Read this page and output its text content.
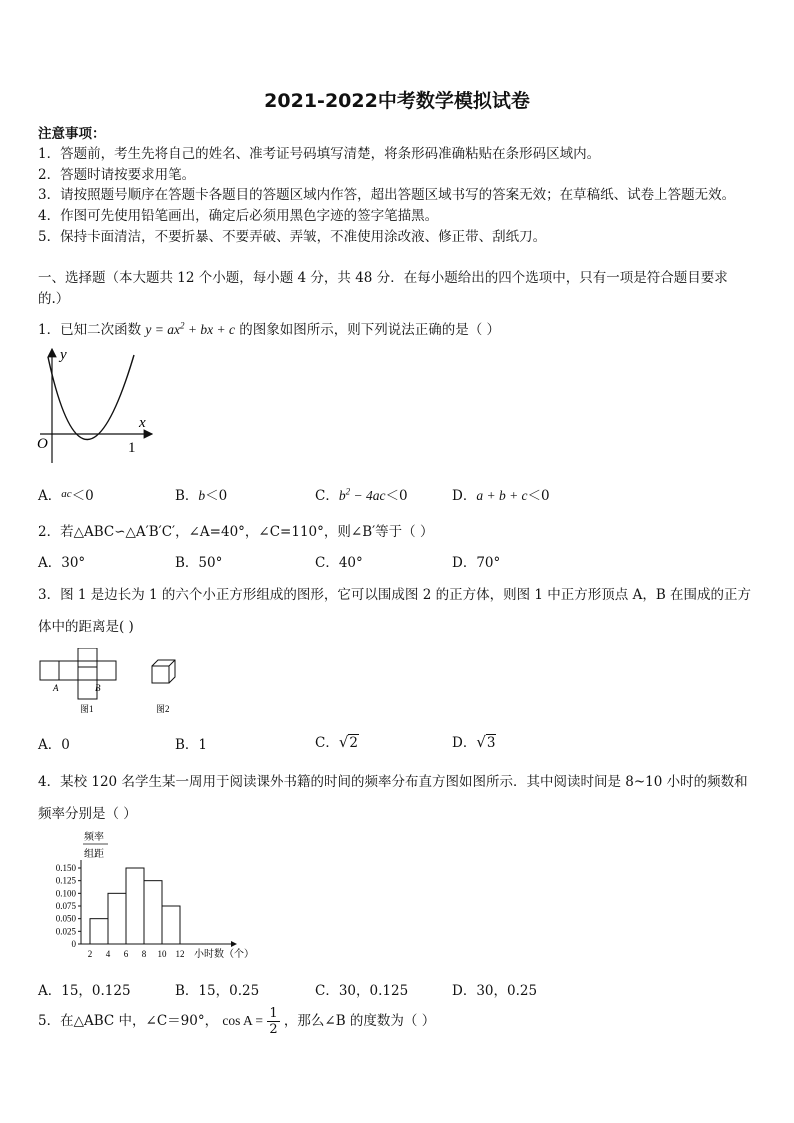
2021-2022中考数学模拟试卷
注意事项：
1．答题前，考生先将自己的姓名、准考证号码填写清楚，将条形码准确粘贴在条形码区域内。
2．答题时请按要求用笔。
3．请按照题号顺序在答题卡各题目的答题区域内作答，超出答题区域书写的答案无效；在草稿纸、试卷上答题无效。
4．作图可先使用铅笔画出，确定后必须用黑色字迹的签字笔描黑。
5．保持卡面清洁，不要折暴、不要弄破、弄皱，不准使用涂改液、修正带、刮纸刀。
一、选择题（本大题共 12 个小题，每小题 4 分，共 48 分．在每小题给出的四个选项中，只有一项是符合题目要求
的.）
1．已知二次函数 $y = ax^2$ + bx + c 的图象如图所示，则下列说法正确的是（ ）
y
x
O	1
A．$^{ac}$＜0	B．b＜0	C．$b^2 - 4ac<0$	D．a + b + c＜0
2．若△ABC∽△A′B′C′，∠A=40°，∠C=110°，则∠B′等于（ ）
A．30°	B．50°	C．40°	D．70°
3．图 1 是边长为 1 的六个小正方形组成的图形，它可以围成图 2 的正方体，则图 1 中正方形顶点 A，B 在围成的正方
体中的距离是( )
A	B
图1	图2
A．0	B．1	C．√2	D．√3
4．某校 120 名学生某一周用于阅读课外书籍的时间的频率分布直方图如图所示．其中阅读时间是 8~10 小时的频数和
频率分别是（ ）
频率
组距
0
0.025
0.050
0.075
0.100
0.125
0.150
2 4 6 8 10 12 小时数（个）
A．15，0.125	B．15，0.25	C．30，0.125	D．30，0.25
5．在△ABC 中，∠C＝90°， $\cos A = \frac{1}{2}$ ，那么∠B 的度数为（ ）
